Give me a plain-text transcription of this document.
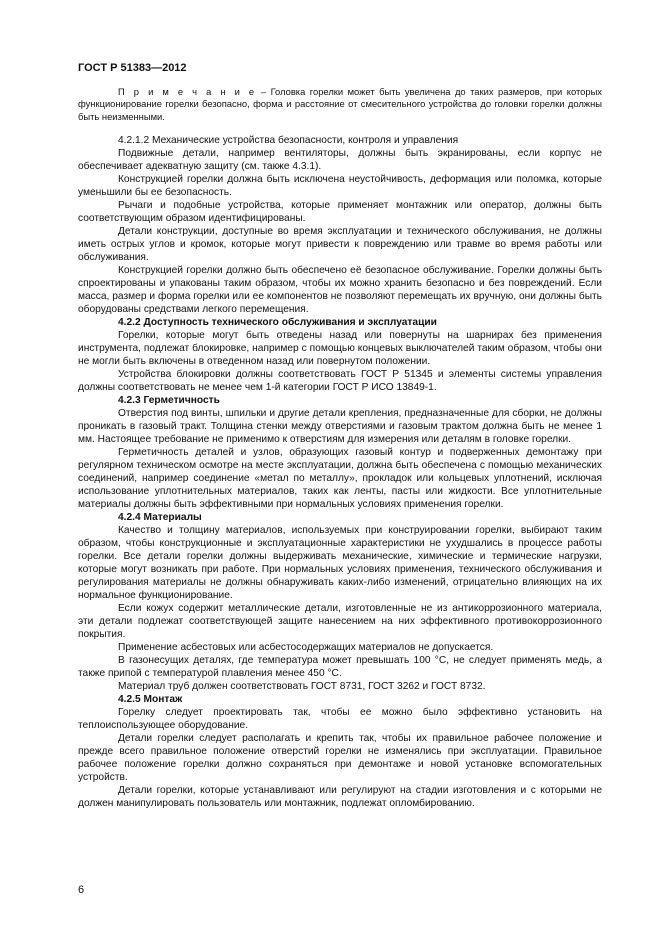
ГОСТ Р 51383—2012

П р и м е ч а н и е – Головка горелки может быть увеличена до таких размеров, при которых функционирование горелки безопасно, форма и расстояние от смесительного устройства до головки горелки должны быть неизменными.

4.2.1.2 Механические устройства безопасности, контроля и управления

Подвижные детали, например вентиляторы, должны быть экранированы, если корпус не обеспечивает адекватную защиту (см. также 4.3.1).

Конструкцией горелки должна быть исключена неустойчивость, деформация или поломка, которые уменьшили бы ее безопасность.

Рычаги и подобные устройства, которые применяет монтажник или оператор, должны быть соответствующим образом идентифицированы.

Детали конструкции, доступные во время эксплуатации и технического обслуживания, не должны иметь острых углов и кромок, которые могут привести к повреждению или травме во время работы или обслуживания.

Конструкцией горелки должно быть обеспечено её безопасное обслуживание. Горелки должны быть спроектированы и упакованы таким образом, чтобы их можно хранить безопасно и без повреждений. Если масса, размер и форма горелки или ее компонентов не позволяют перемещать их вручную, они должны быть оборудованы средствами легкого перемещения.

4.2.2 Доступность технического обслуживания и эксплуатации

Горелки, которые могут быть отведены назад или повернуты на шарнирах без применения инструмента, подлежат блокировке, например с помощью концевых выключателей таким образом, чтобы они не могли быть включены в отведенном назад или повернутом положении.

Устройства блокировки должны соответствовать ГОСТ Р 51345 и элементы системы управления должны соответствовать не менее чем 1-й категории ГОСТ Р ИСО 13849-1.

4.2.3 Герметичность

Отверстия под винты, шпильки и другие детали крепления, предназначенные для сборки, не должны проникать в газовый тракт. Толщина стенки между отверстиями и газовым трактом должна быть не менее 1 мм. Настоящее требование не применимо к отверстиям для измерения или деталям в головке горелки.

Герметичность деталей и узлов, образующих газовый контур и подверженных демонтажу при регулярном техническом осмотре на месте эксплуатации, должна быть обеспечена с помощью механических соединений, например соединение «метал по металлу», прокладок или кольцевых уплотнений, исключая использование уплотнительных материалов, таких как ленты, пасты или жидкости. Все уплотнительные материалы должны быть эффективными при нормальных условиях применения горелки.

4.2.4 Материалы

Качество и толщину материалов, используемых при конструировании горелки, выбирают таким образом, чтобы конструкционные и эксплуатационные характеристики не ухудшались в процессе работы горелки. Все детали горелки должны выдерживать механические, химические и термические нагрузки, которые могут возникать при работе. При нормальных условиях применения, технического обслуживания и регулирования материалы не должны обнаруживать каких-либо изменений, отрицательно влияющих на их нормальное функционирование.

Если кожух содержит металлические детали, изготовленные не из антикоррозионного материала, эти детали подлежат соответствующей защите нанесением на них эффективного противокоррозионного покрытия.

Применение асбестовых или асбестосодержащих материалов не допускается.

В газонесущих деталях, где температура может превышать 100 °С, не следует применять медь, а также припой с температурой плавления менее 450 °С.

Материал труб должен соответствовать ГОСТ 8731, ГОСТ 3262 и ГОСТ 8732.

4.2.5 Монтаж

Горелку следует проектировать так, чтобы ее можно было эффективно установить на теплоиспользующее оборудование.

Детали горелки следует располагать и крепить так, чтобы их правильное рабочее положение и прежде всего правильное положение отверстий горелки не изменялись при эксплуатации. Правильное рабочее положение горелки должно сохраняться при демонтаже и новой установке вспомогательных устройств.

Детали горелки, которые устанавливают или регулируют на стадии изготовления и с которыми не должен манипулировать пользователь или монтажник, подлежат опломбированию.

6
